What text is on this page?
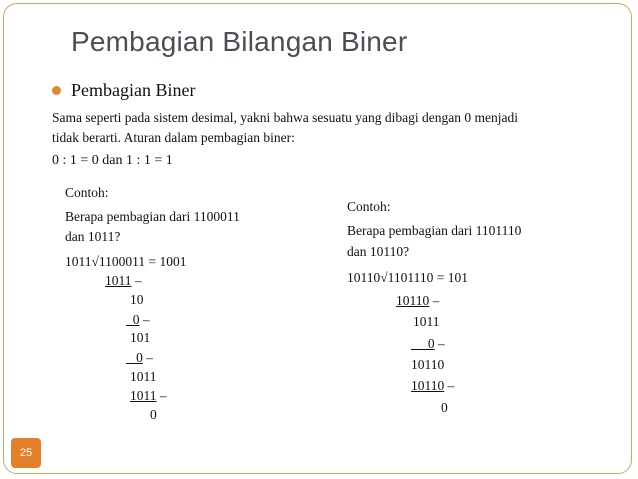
Pembagian Bilangan Biner
Pembagian Biner
Sama seperti pada sistem desimal, yakni bahwa sesuatu yang dibagi dengan 0 menjadi
tidak berarti. Aturan dalam pembagian biner:
0 : 1 = 0 dan 1 : 1 = 1
Contoh:
Berapa pembagian dari 1100011
dan 1011?
1011√1100011 = 1001
1011 –
10
0 –
101
0 –
1011
1011 –
0
Contoh:
Berapa pembagian dari 1101110
dan 10110?
10110√1101110 = 101
10110 –
1011
0 –
10110
10110 –
0
25
